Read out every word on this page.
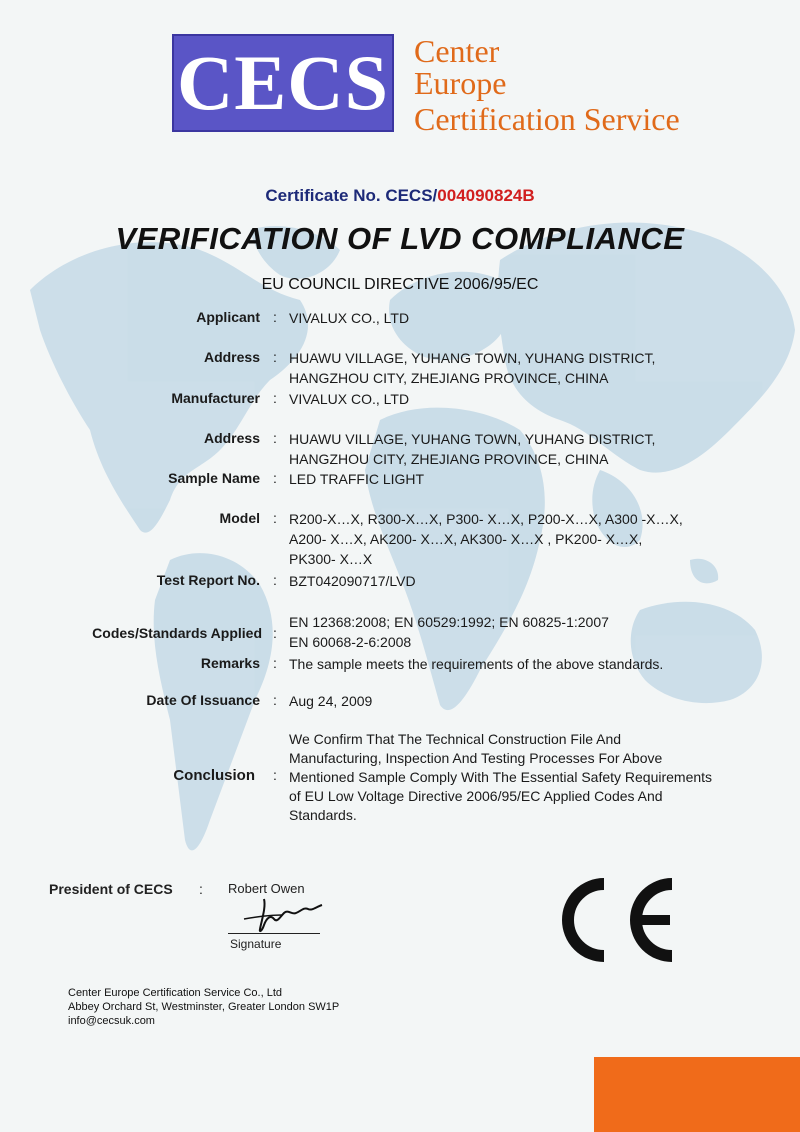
CECS Center
Europe
Certification Service
Certificate No. CECS/004090824B
VERIFICATION OF LVD COMPLIANCE
EU COUNCIL DIRECTIVE 2006/95/EC
Applicant : VIVALUX CO., LTD
Address : HUAWU VILLAGE, YUHANG TOWN, YUHANG DISTRICT,
HANGZHOU CITY, ZHEJIANG PROVINCE, CHINA
Manufacturer : VIVALUX CO., LTD
Address : HUAWU VILLAGE, YUHANG TOWN, YUHANG DISTRICT,
HANGZHOU CITY, ZHEJIANG PROVINCE, CHINA
Sample Name : LED TRAFFIC LIGHT
Model : R200-X…X, R300-X…X, P300- X…X, P200-X…X, A300 -X…X,
A200- X…X, AK200- X…X, AK300- X…X , PK200- X…X,
PK300- X…X
Test Report No. : BZT042090717/LVD
Codes/Standards Applied :
EN 12368:2008; EN 60529:1992; EN 60825-1:2007
EN 60068-2-6:2008
Remarks : The sample meets the requirements of the above standards.
Date Of Issuance : Aug 24, 2009
Conclusion :
We Confirm That The Technical Construction File And
Manufacturing, Inspection And Testing Processes For Above
Mentioned Sample Comply With The Essential Safety Requirements
of EU Low Voltage Directive 2006/95/EC Applied Codes And
Standards.
President of CECS : Robert Owen
Signature
Center Europe Certification Service Co., Ltd
Abbey Orchard St, Westminster, Greater London SW1P
info@cecsuk.com
